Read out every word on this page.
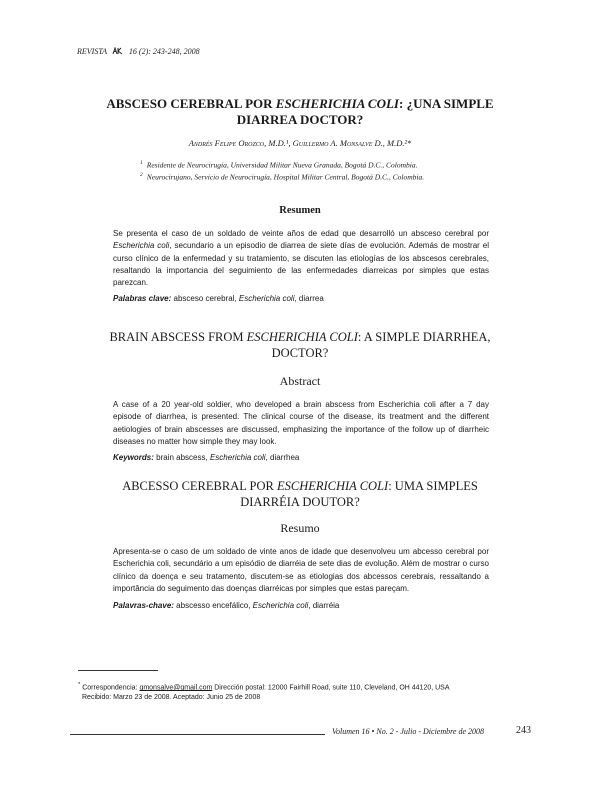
REVISTA	16 (2): 243-248, 2008
ABSCESO CEREBRAL POR ESCHERICHIA COLI: ¿UNA SIMPLE
DIARREA DOCTOR?
Andrés Felipe Orozco, M.D.¹, Guillermo A. Monsalve D., M.D.²*
$^1$ Residente de Neurocirugía, Universidad Militar Nueva Granada, Bogotá D.C., Colombia.
$^2$ Neurocirujano, Servicio de Neurocirugía, Hospital Militar Central, Bogotá D.C., Colombia.
Resumen
Se presenta el caso de un soldado de veinte años de edad que desarrolló un absceso cerebral por Escherichia coli, secundario a un episodio de diarrea de siete días de evolución. Además de mostrar el curso clínico de la enfermedad y su tratamiento, se discuten las etiologías de los abscesos cerebrales, resaltando la importancia del seguimiento de las enfermedades diarreicas por simples que estas parezcan.
Palabras clave: absceso cerebral, Escherichia coli, diarrea
BRAIN ABSCESS FROM ESCHERICHIA COLI: A SIMPLE DIARRHEA,
DOCTOR?
Abstract
A case of a 20 year-old soldier, who developed a brain abscess from Escherichia coli after a 7 day episode of diarrhea, is presented. The clinical course of the disease, its treatment and the different aetiologies of brain abscesses are discussed, emphasizing the importance of the follow up of diarrheic diseases no matter how simple they may look.
Keywords: brain abscess, Escherichia coli, diarrhea
ABCESSO CEREBRAL POR ESCHERICHIA COLI: UMA SIMPLES
DIARRÉIA DOUTOR?
Resumo
Apresenta-se o caso de um soldado de vinte anos de idade que desenvolveu um abcesso cerebral por Escherichia coli, secundário a um episódio de diarréia de sete dias de evolução. Além de mostrar o curso clínico da doença e seu tratamento, discutem-se as etiologias dos abcessos cerebrais, ressaltando a importância do seguimento das doenças diarréicas por simples que estas pareçam.
Palavras-chave: abscesso encefálico, Escherichia coli, diarréia
* Correspondencia: gmonsalve@gmail.com Dirección postal: 12000 Fairhill Road, suite 110, Cleveland, OH 44120, USA
Recibido: Marzo 23 de 2008. Aceptado: Junio 25 de 2008
Volumen 16 • No. 2 - Julio - Diciembre de 2008	243
